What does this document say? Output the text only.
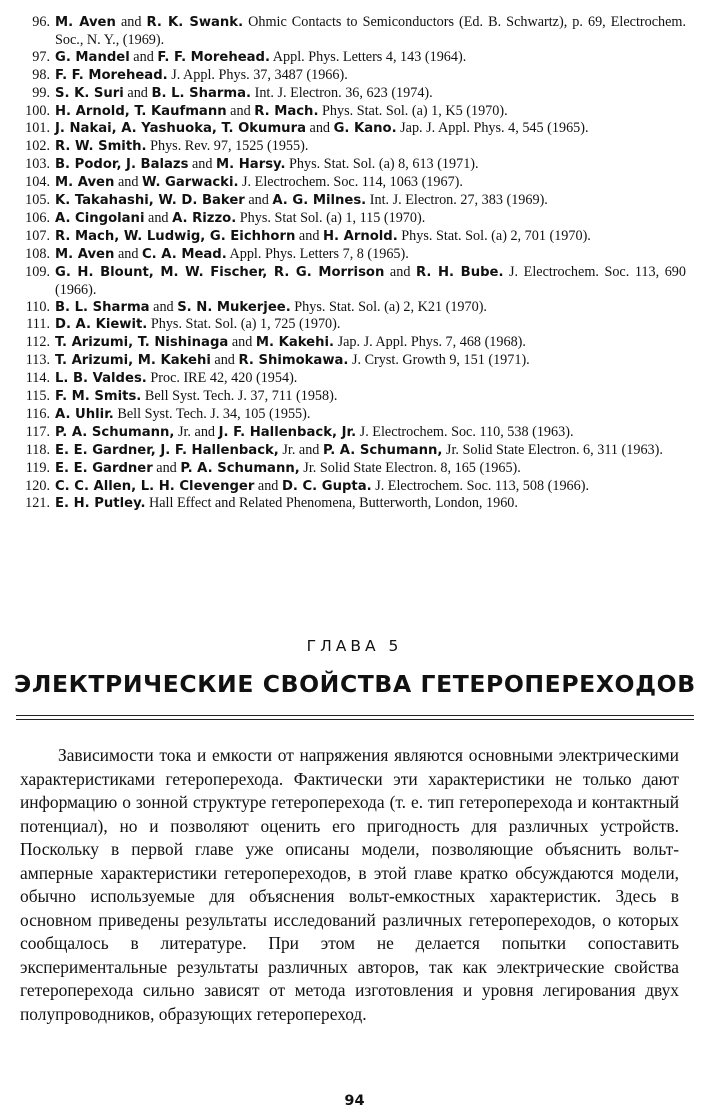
96. M. Aven and R. K. Swank. Ohmic Contacts to Semiconductors (Ed. B. Schwartz), p. 69, Electrochem. Soc., N. Y., (1969).
97. G. Mandel and F. F. Morehead. Appl. Phys. Letters 4, 143 (1964).
98. F. F. Morehead. J. Appl. Phys. 37, 3487 (1966).
99. S. K. Suri and B. L. Sharma. Int. J. Electron. 36, 623 (1974).
100. H. Arnold, T. Kaufmann and R. Mach. Phys. Stat. Sol. (a) 1, K5 (1970).
101. J. Nakai, A. Yashuoka, T. Okumura and G. Kano. Jap. J. Appl. Phys. 4, 545 (1965).
102. R. W. Smith. Phys. Rev. 97, 1525 (1955).
103. B. Podor, J. Balazs and M. Harsy. Phys. Stat. Sol. (a) 8, 613 (1971).
104. M. Aven and W. Garwacki. J. Electrochem. Soc. 114, 1063 (1967).
105. K. Takahashi, W. D. Baker and A. G. Milnes. Int. J. Electron. 27, 383 (1969).
106. A. Cingolani and A. Rizzo. Phys. Stat Sol. (a) 1, 115 (1970).
107. R. Mach, W. Ludwig, G. Eichhorn and H. Arnold. Phys. Stat. Sol. (a) 2, 701 (1970).
108. M. Aven and C. A. Mead. Appl. Phys. Letters 7, 8 (1965).
109. G. H. Blount, M. W. Fischer, R. G. Morrison and R. H. Bube. J. Electrochem. Soc. 113, 690 (1966).
110. B. L. Sharma and S. N. Mukerjee. Phys. Stat. Sol. (a) 2, K21 (1970).
111. D. A. Kiewit. Phys. Stat. Sol. (a) 1, 725 (1970).
112. T. Arizumi, T. Nishinaga and M. Kakehi. Jap. J. Appl. Phys. 7, 468 (1968).
113. T. Arizumi, M. Kakehi and R. Shimokawa. J. Cryst. Growth 9, 151 (1971).
114. L. B. Valdes. Proc. IRE 42, 420 (1954).
115. F. M. Smits. Bell Syst. Tech. J. 37, 711 (1958).
116. A. Uhlir. Bell Syst. Tech. J. 34, 105 (1955).
117. P. A. Schumann, Jr. and J. F. Hallenback, Jr. J. Electrochem. Soc. 110, 538 (1963).
118. E. E. Gardner, J. F. Hallenback, Jr. and P. A. Schumann, Jr. Solid State Electron. 6, 311 (1963).
119. E. E. Gardner and P. A. Schumann, Jr. Solid State Electron. 8, 165 (1965).
120. C. C. Allen, L. H. Clevenger and D. C. Gupta. J. Electrochem. Soc. 113, 508 (1966).
121. E. H. Putley. Hall Effect and Related Phenomena, Butterworth, London, 1960.
ГЛАВА 5
ЭЛЕКТРИЧЕСКИЕ СВОЙСТВА ГЕТЕРОПЕРЕХОДОВ
Зависимости тока и емкости от напряжения являются основными электрическими характеристиками гетероперехода. Фактически эти характеристики не только дают информацию о зонной структуре гетероперехода (т. е. тип гетероперехода и контактный потенциал), но и позволяют оценить его пригодность для различных устройств. Поскольку в первой главе уже описаны модели, позволяющие объяснить вольт-амперные характеристики гетеропереходов, в этой главе кратко обсуждаются модели, обычно используемые для объяснения вольт-емкостных характеристик. Здесь в основном приведены результаты исследований различных гетеропереходов, о которых сообщалось в литературе. При этом не делается попытки сопоставить экспериментальные результаты различных авторов, так как электрические свойства гетеропереходa сильно зависят от метода изготовления и уровня легирования двух полупроводников, образующих гетеропереход.
94
